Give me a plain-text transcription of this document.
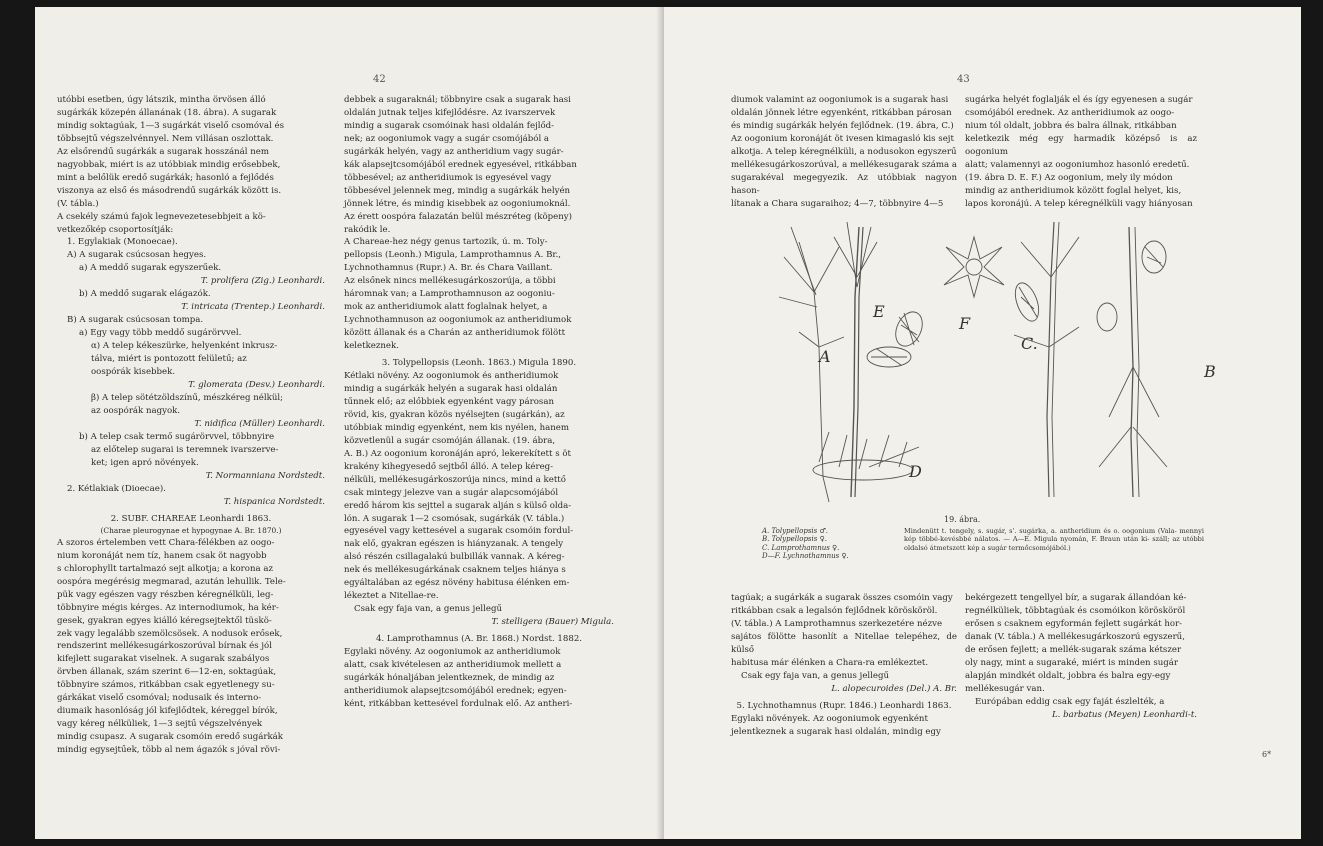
42

utóbbi esetben, úgy látszik, mintha örvösen álló

sugárkák közepén állanának (18. ábra). A sugarak

mindig soktagúak, 1—3 sugárkát viselő csomóval és

többsejtű végszelvénnyel. Nem villásan oszlottak.

Az elsőrendű sugárkák a sugarak hosszánál nem

nagyobbak, miért is az utóbbiak mindig erősebbek,

mint a belőlük eredő sugárkák; hasonló a fejlődés

viszonya az első és másodrendű sugárkák között is.

(V. tábla.)

A csekély számú fajok legnevezetesebbjeit a kö-

vetkezőkép csoportosítják:

1. Egylakiak (Monoecae).

A) A sugarak csúcsosan hegyes.

a) A meddő sugarak egyszerűek.

T. prolifera (Zig.) Leonhardi.

b) A meddő sugarak elágazók.

T. intricata (Trentep.) Leonhardi.

B) A sugarak csúcsosan tompa.

a) Egy vagy több meddő sugárörvvel.

α) A telep kékeszürke, helyenként inkrusz-

tálva, miért is pontozott felületű; az

oospórák kisebbek.

T. glomerata (Desv.) Leonhardi.

β) A telep sötétzöldszínű, mészkéreg nélkül;

az oospórák nagyok.

T. nidifica (Müller) Leonhardi.

b) A telep csak termő sugárörvvel, többnyire

az előtelep sugarai is teremnek ivarszerve-

ket; igen apró növények.

T. Normanniana Nordstedt.

2. Kétlakiak (Dioecae).

T. hispanica Nordstedt.

2. SUBF. CHAREAE Leonhardi 1863.

(Charae pleurogynae et hypogynae A. Br. 1870.)

A szoros értelemben vett Chara-félékben az oogo-

nium koronáját nem tíz, hanem csak öt nagyobb

s chlorophyllt tartalmazó sejt alkotja; a korona az

oospóra megérésig megmarad, azután lehullik. Tele-

pük vagy egészen vagy részben kéregnélküli, leg-

többnyire mégis kérges. Az internodiumok, ha kér-

gesek, gyakran egyes kiálló kéregsejtektől tüskö-

zek vagy legalább szemölcsösek. A nodusok erősek,

rendszerint mellékesugárkoszorúval bírnak és jól

kifejlett sugarakat viselnek. A sugarak szabályos

örvben állanak, szám szerint 6—12-en, soktagúak,

többnyire számos, ritkábban csak egyetlenegy su-

gárkákat viselő csomóval; nodusaik és interno-

diumaik hasonlóság jól kifejlődtek, kéreggel bírók,

vagy kéreg nélküliek, 1—3 sejtű végszelvények

mindig csupasz. A sugarak csomóin eredő sugárkák

mindig egysejtűek, több al nem ágazók s jóval rövi-

debbek a sugaraknál; többnyire csak a sugarak hasi

oldalán jutnak teljes kifejlődésre. Az ivarszervek

mindig a sugarak csomóinak hasi oldalán fejlőd-

nek; az oogoniumok vagy a sugár csomójából a

sugárkák helyén, vagy az antheridium vagy sugár-

kák alapsejtcsomójából erednek egyesével, ritkábban

többesével; az antheridiumok is egyesével vagy

többesével jelennek meg, mindig a sugárkák helyén

jönnek létre, és mindig kisebbek az oogoniumoknál.

Az érett oospóra falazatán belül mészréteg (köpeny)

rakódik le.

A Chareae-hez négy genus tartozik, ú. m. Toly-

pellopsis (Leonh.) Migula, Lamprothamnus A. Br.,

Lychnothamnus (Rupr.) A. Br. és Chara Vaillant.

Az elsőnek nincs mellékesugárkoszorúja, a többi

háromnak van; a Lamprothamnuson az oogoniu-

mok az antheridiumok alatt foglalnak helyet, a

Lychnothamnuson az oogoniumok az antheridiumok

között állanak és a Charán az antheridiumok fölött

keletkeznek.

3. Tolypellopsis (Leonh. 1863.) Migula 1890.

Kétlaki növény. Az oogoniumok és antheridiumok

mindig a sugárkák helyén a sugarak hasi oldalán

tűnnek elő; az előbbiek egyenként vagy párosan

rövid, kis, gyakran közös nyélsejten (sugárkán), az

utóbbiak mindig egyenként, nem kis nyélen, hanem

közvetlenül a sugár csomóján állanak. (19. ábra,

A. B.) Az oogonium koronáján apró, lekerekített s öt

krakény kihegyesedő sejtből álló. A telep kéreg-

nélküli, mellékesugárkoszorúja nincs, mind a kettő

csak mintegy jelezve van a sugár alapcsomójából

eredő három kis sejttel a sugarak alján s külső olda-

lón. A sugarak 1—2 csomósak, sugárkák (V. tábla.)

egyesével vagy kettesével a sugarak csomóin fordul-

nak elő, gyakran egészen is hiányzanak. A tengely

alsó részén csillagalakú bulbillák vannak. A kéreg-

nek és mellékesugárkának csaknem teljes hiánya s

egyáltalában az egész növény habitusa élénken em-

lékeztet a Nitellae-re.

Csak egy faja van, a genus jellegű

T. stelligera (Bauer) Migula.

4. Lamprothamnus (A. Br. 1868.) Nordst. 1882.

Egylaki növény. Az oogoniumok az antheridiumok

alatt, csak kivételesen az antheridiumok mellett a

sugárkák hónaljában jelentkeznek, de mindig az

antheridiumok alapsejtcsomójából erednek; egyen-

ként, ritkábban kettesével fordulnak elő. Az antheri-

43

diumok valamint az oogoniumok is a sugarak hasi

oldalán jönnek létre egyenként, ritkábban párosan

és mindig sugárkák helyén fejlődnek. (19. ábra, C.)

Az oogonium koronáját öt ivesen kimagasló kis sejt

alkotja. A telep kéregnélküli, a nodusokon egyszerű

mellékesugárkoszorúval, a mellékesugarak száma a

sugarakéval megegyezik. Az utóbbiak nagyon hason-

lítanak a Chara sugaraihoz; 4—7, többnyire 4—5

sugárka helyét foglalják el és így egyenesen a sugár

csomójából erednek. Az antheridiumok az oogo-

nium tól oldalt, jobbra és balra állnak, ritkábban

keletkezik még egy harmadik középső is az oogonium

alatt; valamennyi az oogoniumhoz hasonló eredetű.

(19. ábra D. E. F.) Az oogonium, mely ily módon

mindig az antheridiumok között foglal helyet, kis,

lapos koronájú. A telep kéregnélküli vagy hiányosan

A
B
C.
D
E
F
19. ábra.
A. Tolypellopsis ♂.
B. Tolypellopsis ♀.
C. Lamprothamnus ♀.
D—F. Lychnothamnus ♀.
Mindenütt t. tengely, s. sugár, s'. sugárka, a. antheridium és o. oogonium (Vala- mennyi kép többé-kevésbbé nálatos. — A—E. Migula nyomán, F. Braun után ki- száll; az utóbbi oldalsó átmetszett kép a sugár termőcsomójából.)

tagúak; a sugárkák a sugarak összes csomóin vagy

ritkábban csak a legalsón fejlődnek körösköröl.

(V. tábla.) A Lamprothamnus szerkezetére nézve

sajátos fölötte hasonlít a Nitellae telepéhez, de külső

habitusa már élénken a Chara-ra emlékeztet.

Csak egy faja van, a genus jellegű

L. alopecuroides (Del.) A. Br.

5. Lychnothamnus (Rupr. 1846.) Leonhardi 1863.

Egylaki növények. Az oogoniumok egyenként

jelentkeznek a sugarak hasi oldalán, mindig egy

bekérgezett tengellyel bír, a sugarak állandóan ké-

regnélküliek, többtagúak és csomóikon körösköröl

erősen s csaknem egyformán fejlett sugárkát hor-

danak (V. tábla.) A mellékesugárkoszorú egyszerű,

de erősen fejlett; a mellék-sugarak száma kétszer

oly nagy, mint a sugaraké, miért is minden sugár

alapján mindkét oldalt, jobbra és balra egy-egy

mellékesugár van.

Európában eddig csak egy faját észlelték, a

L. barbatus (Meyen) Leonhardi-t.

6*
